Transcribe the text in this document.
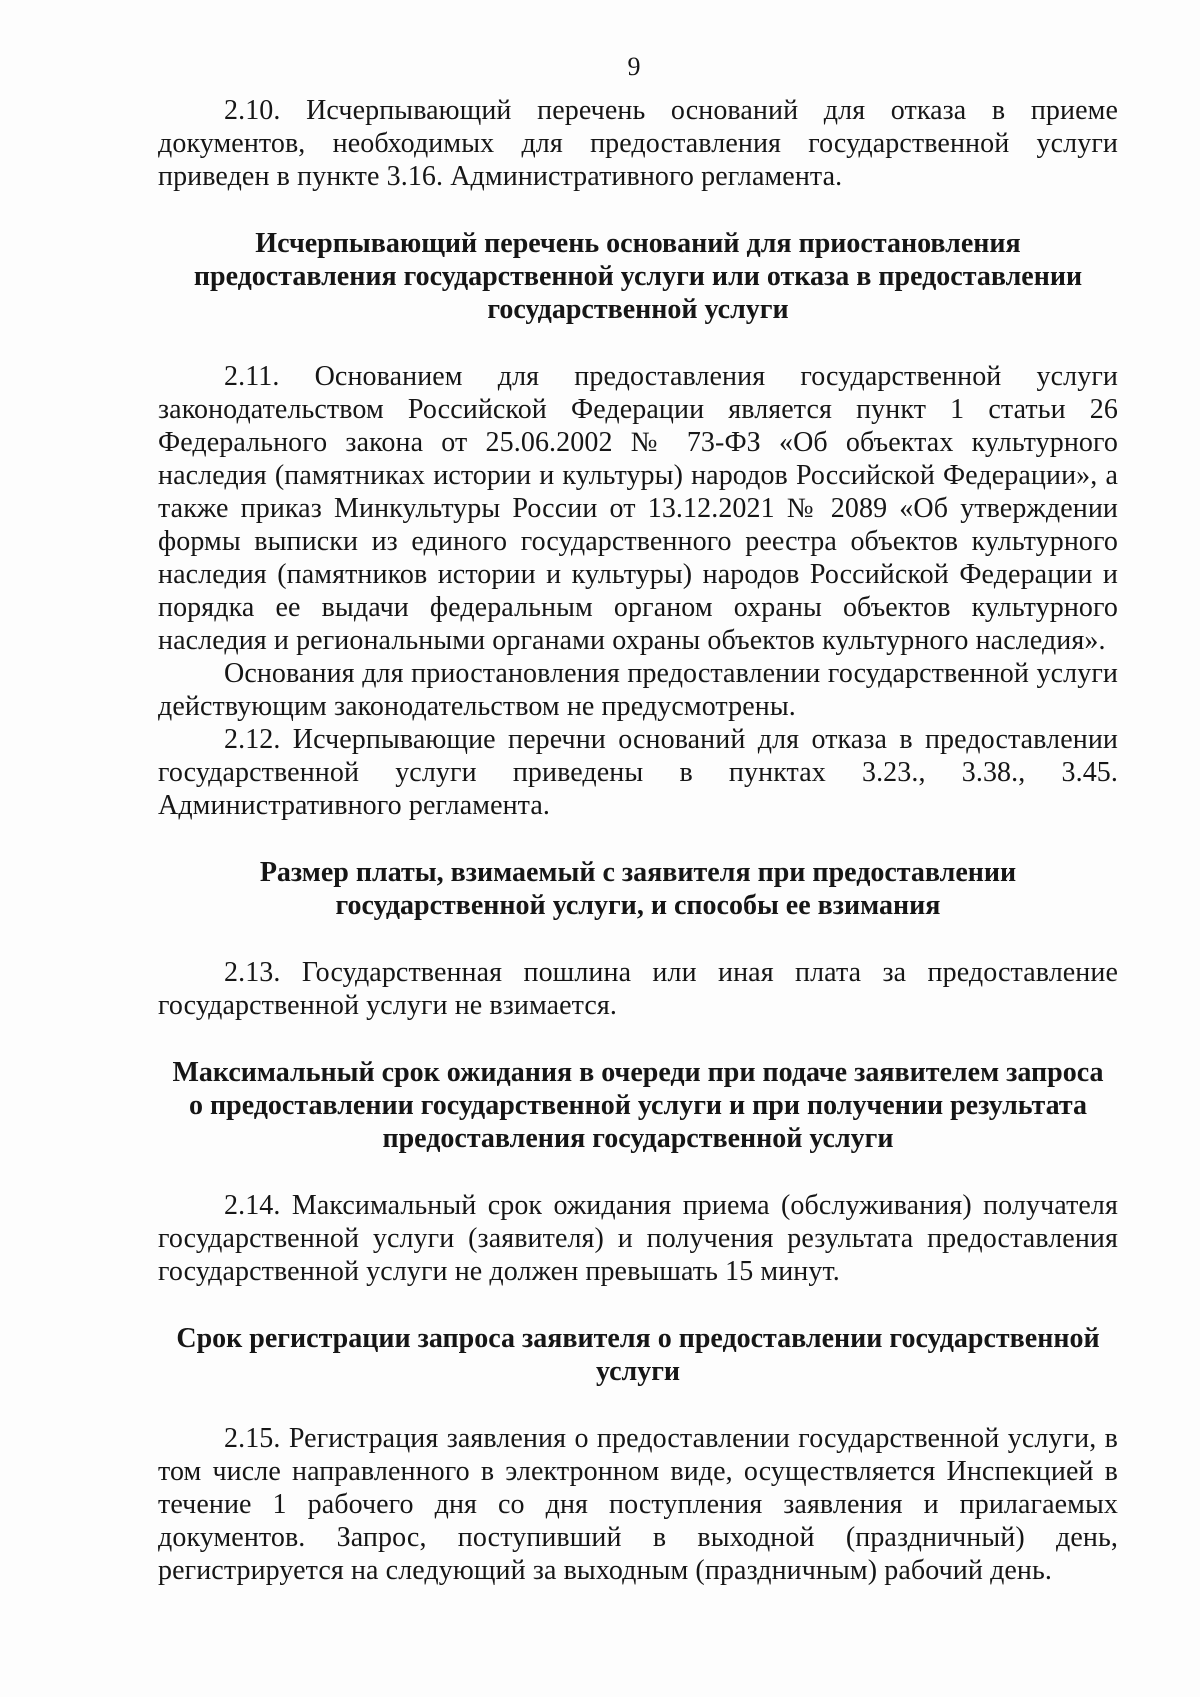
9

2.10. Исчерпывающий перечень оснований для отказа в приеме документов, необходимых для предоставления государственной услуги приведен в пункте 3.16. Административного регламента.

Исчерпывающий перечень оснований для приостановления

предоставления государственной услуги или отказа в предоставлении

государственной услуги

2.11. Основанием для предоставления государственной услуги законодательством Российской Федерации является пункт 1 статьи 26 Федерального закона от 25.06.2002 № 73-ФЗ «Об объектах культурного наследия (памятниках истории и культуры) народов Российской Федерации», а также приказ Минкультуры России от 13.12.2021 № 2089 «Об утверждении формы выписки из единого государственного реестра объектов культурного наследия (памятников истории и культуры) народов Российской Федерации и порядка ее выдачи федеральным органом охраны объектов культурного наследия и региональными органами охраны объектов культурного наследия».

Основания для приостановления предоставлении государственной услуги действующим законодательством не предусмотрены.

2.12. Исчерпывающие перечни оснований для отказа в предоставлении государственной услуги приведены в пунктах 3.23., 3.38., 3.45. Административного регламента.

Размер платы, взимаемый с заявителя при предоставлении

государственной услуги, и способы ее взимания

2.13. Государственная пошлина или иная плата за предоставление государственной услуги не взимается.

Максимальный срок ожидания в очереди при подаче заявителем запроса

о предоставлении государственной услуги и при получении результата

предоставления государственной услуги

2.14. Максимальный срок ожидания приема (обслуживания) получателя государственной услуги (заявителя) и получения результата предоставления государственной услуги не должен превышать 15 минут.

Срок регистрации запроса заявителя о предоставлении государственной

услуги

2.15. Регистрация заявления о предоставлении государственной услуги, в том числе направленного в электронном виде, осуществляется Инспекцией в течение 1 рабочего дня со дня поступления заявления и прилагаемых документов. Запрос, поступивший в выходной (праздничный) день, регистрируется на следующий за выходным (праздничным) рабочий день.
